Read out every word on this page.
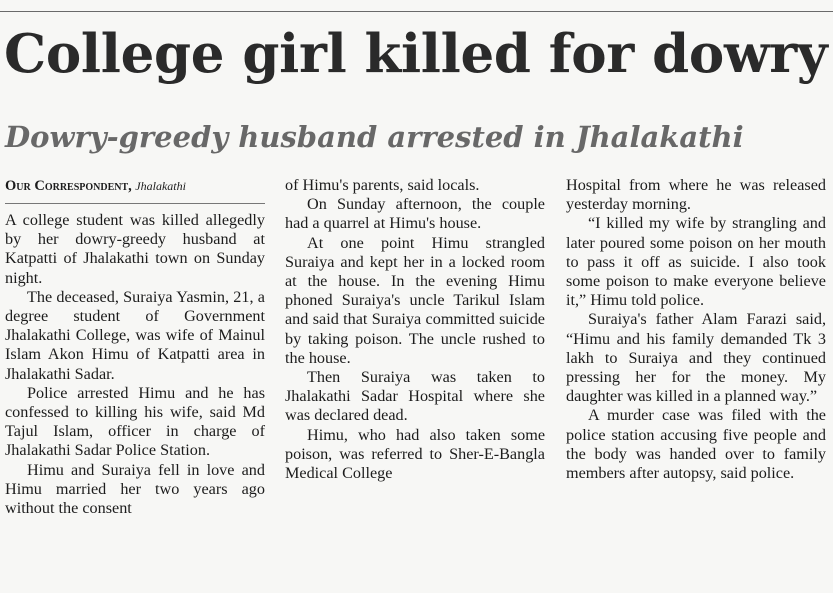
College girl killed for dowry
Dowry-greedy husband arrested in Jhalakathi
Our Correspondent, Jhalakathi

A college student was killed allegedly by her dowry-greedy husband at Katpatti of Jhalakathi town on Sunday night.

The deceased, Suraiya Yasmin, 21, a degree student of Government Jhalakathi College, was wife of Mainul Islam Akon Himu of Katpatti area in Jhalakathi Sadar.

Police arrested Himu and he has confessed to killing his wife, said Md Tajul Islam, officer in charge of Jhalakathi Sadar Police Station.

Himu and Suraiya fell in love and Himu married her two years ago without the consent

of Himu's parents, said locals.

On Sunday afternoon, the couple had a quarrel at Himu's house.

At one point Himu strangled Suraiya and kept her in a locked room at the house. In the evening Himu phoned Suraiya's uncle Tarikul Islam and said that Suraiya committed suicide by taking poison. The uncle rushed to the house.

Then Suraiya was taken to Jhalakathi Sadar Hospital where she was declared dead.

Himu, who had also taken some poison, was referred to Sher-E-Bangla Medical College

Hospital from where he was released yesterday morning.

“I killed my wife by strangling and later poured some poison on her mouth to pass it off as suicide. I also took some poison to make everyone believe it,” Himu told police.

Suraiya's father Alam Farazi said, “Himu and his family demanded Tk 3 lakh to Suraiya and they continued pressing her for the money. My daughter was killed in a planned way.”

A murder case was filed with the police station accusing five people and the body was handed over to family members after autopsy, said police.
